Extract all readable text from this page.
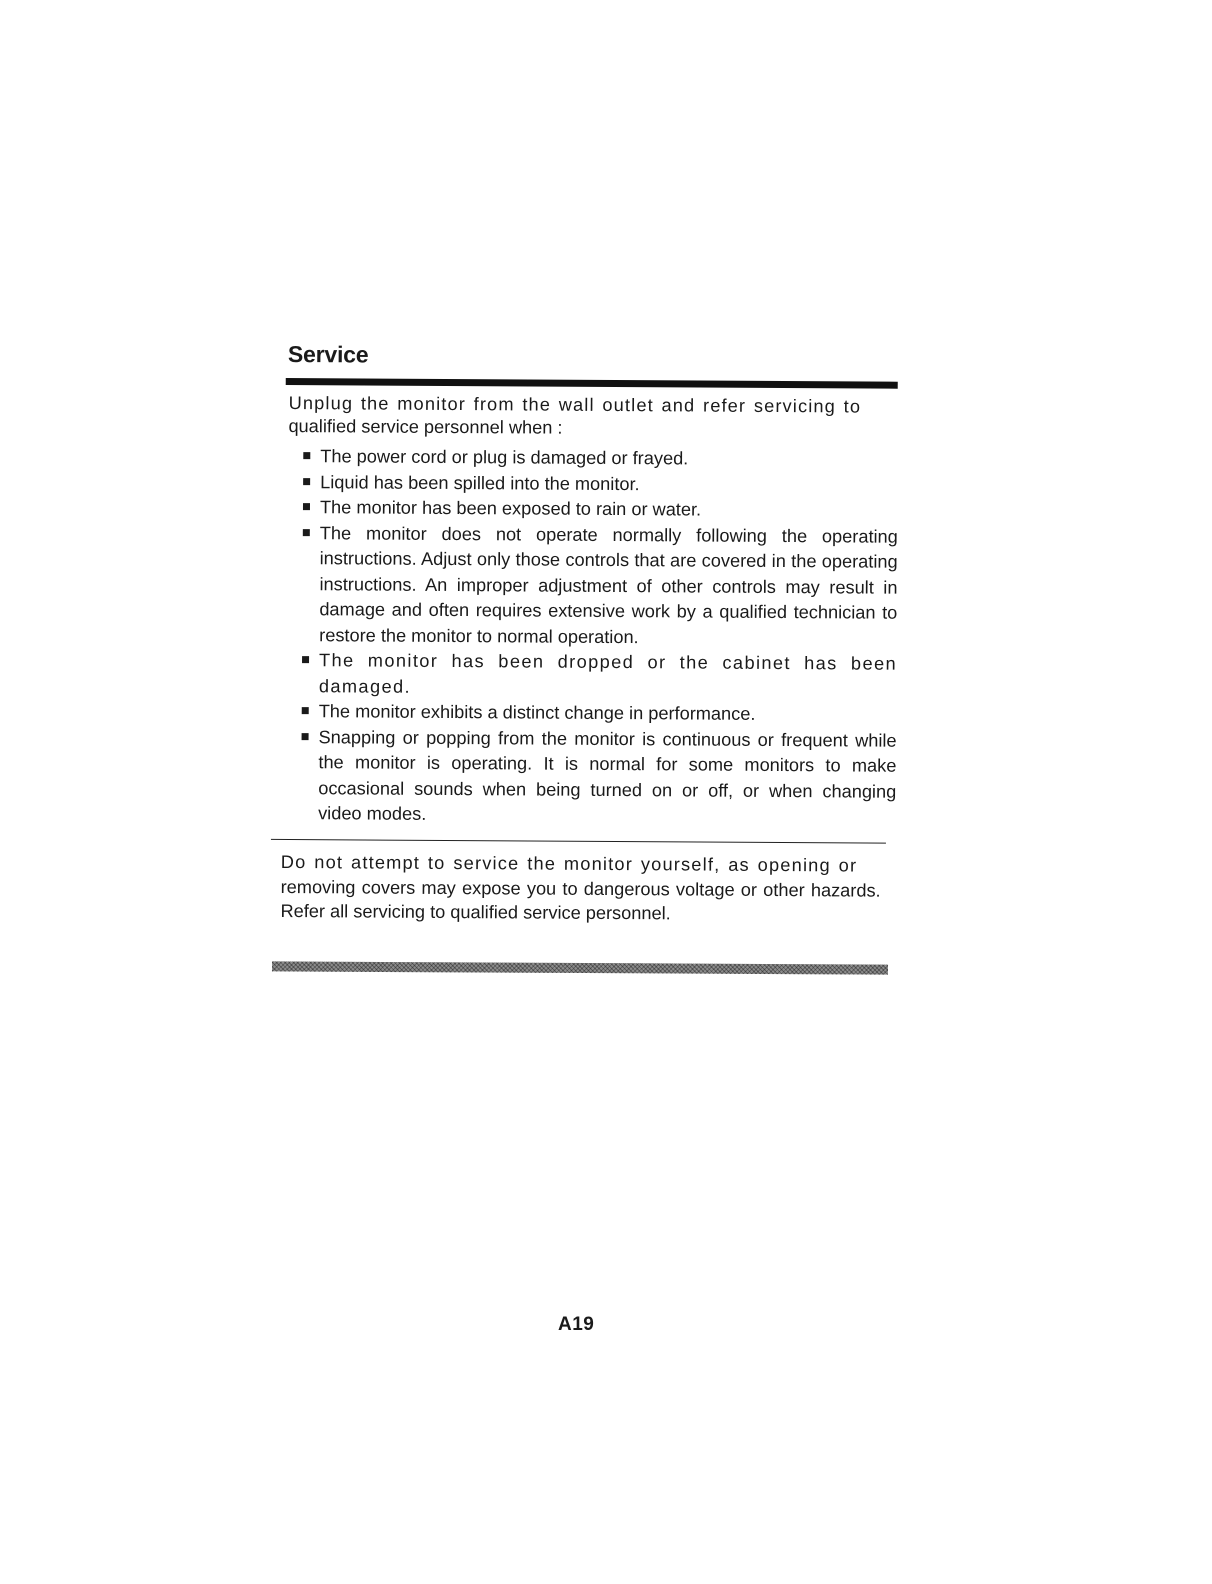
Service

Unplug the monitor from the wall outlet and refer servicing to
qualified service personnel when :

The power cord or plug is damaged or frayed.
Liquid has been spilled into the monitor.
The monitor has been exposed to rain or water.
The monitor does not operate normally following the operating instructions. Adjust only those controls that are covered in the operating instructions. An improper adjustment of other controls may result in damage and often requires extensive work by a qualified technician to restore the monitor to normal operation.
The monitor has been dropped or the cabinet has been damaged.
The monitor exhibits a distinct change in performance.
Snapping or popping from the monitor is continuous or frequent while the monitor is operating. It is normal for some monitors to make occasional sounds when being turned on or off, or when changing video modes.

Do not attempt to service the monitor yourself, as opening or
removing covers may expose you to dangerous voltage or other hazards. Refer all servicing to qualified service personnel.

A19
